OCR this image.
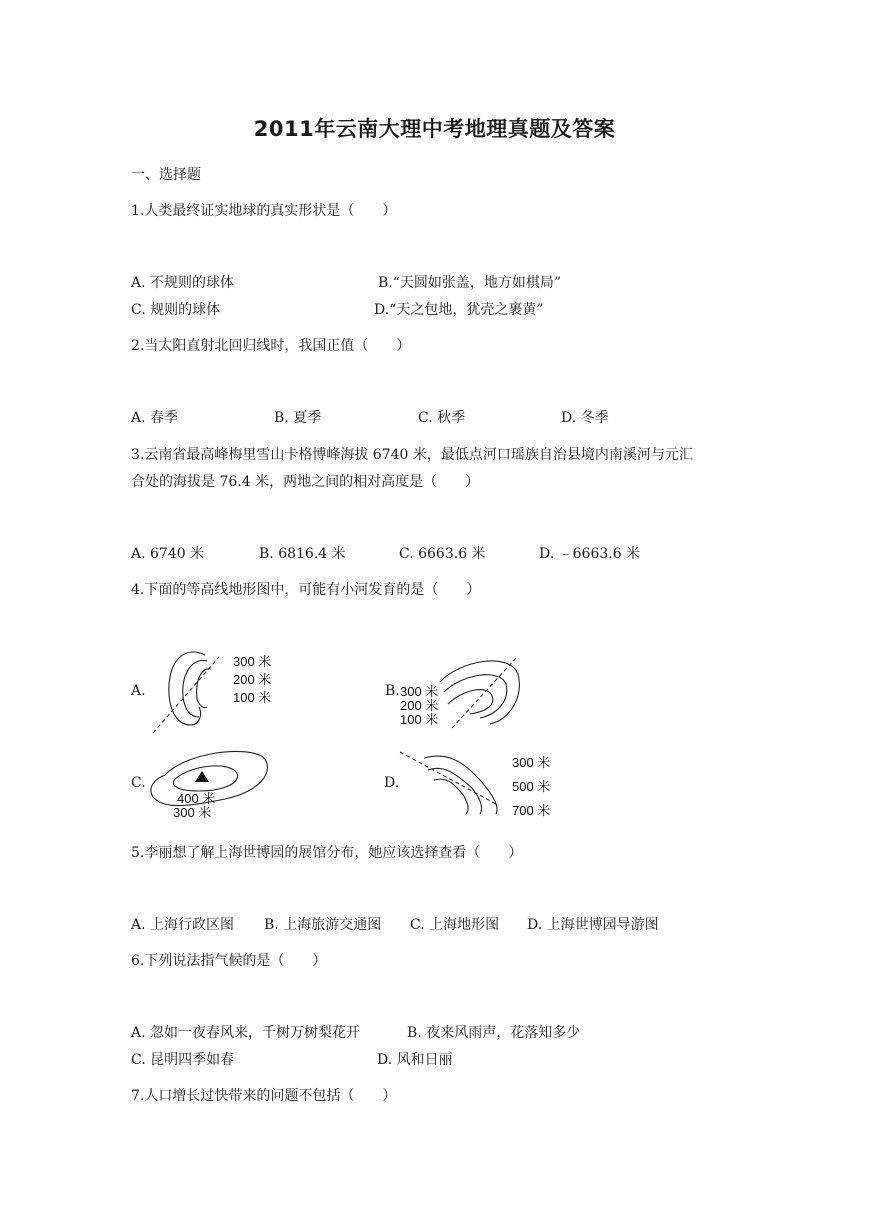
2011年云南大理中考地理真题及答案
一、选择题
1.人类最终证实地球的真实形状是（　　）
A. 不规则的球体	B.“天圆如张盖，地方如棋局”
C. 规则的球体	D.“天之包地，犹壳之裹黄”
2.当太阳直射北回归线时，我国正值（　　）
A. 春季	B. 夏季	C. 秋季	D. 冬季
3.云南省最高峰梅里雪山卡格博峰海拔 6740 米，最低点河口瑶族自治县境内南溪河与元汇
合处的海拔是 76.4 米，两地之间的相对高度是（　　）
A. 6740 米	B. 6816.4 米	C. 6663.6 米	D. ﹣6663.6 米
4.下面的等高线地形图中，可能有小河发育的是（　　）
A.	B.
C.	D.
300 米
200 米
100 米	300 米
200 米
100 米
400 米
300 米
300 米
500 米
700 米
5.李丽想了解上海世博园的展馆分布，她应该选择查看（　　）
A. 上海行政区图 B. 上海旅游交通图 C. 上海地形图 D. 上海世博园导游图
6.下列说法指气候的是（　　）
A. 忽如一夜春风来，千树万树梨花开	B. 夜来风雨声，花落知多少
C. 昆明四季如春	D. 风和日丽
7.人口增长过快带来的问题不包括（　　）
